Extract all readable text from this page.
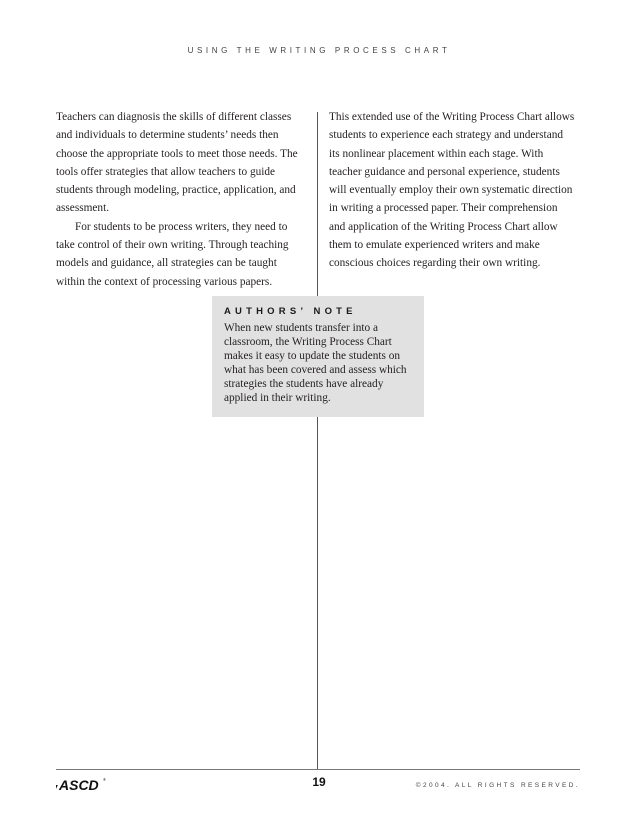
USING THE WRITING PROCESS CHART

Teachers can diagnosis the skills of different classes and individuals to determine students’ needs then choose the appropriate tools to meet those needs. The tools offer strategies that allow teachers to guide students through modeling, practice, application, and assessment.

For students to be process writers, they need to take control of their own writing. Through teaching models and guidance, all strategies can be taught within the context of processing various papers.

This extended use of the Writing Process Chart allows students to experience each strategy and understand its nonlinear placement within each stage. With teacher guidance and personal experience, students will eventually employ their own systematic direction in writing a processed paper. Their comprehension and application of the Writing Process Chart allow them to emulate experienced writers and make conscious choices regarding their own writing.

AUTHORS’ NOTE
When new students transfer into a classroom, the Writing Process Chart makes it easy to update the students on what has been covered and assess which strategies the students have already applied in their writing.
ASCD ®	19	©2004. ALL RIGHTS RESERVED.
